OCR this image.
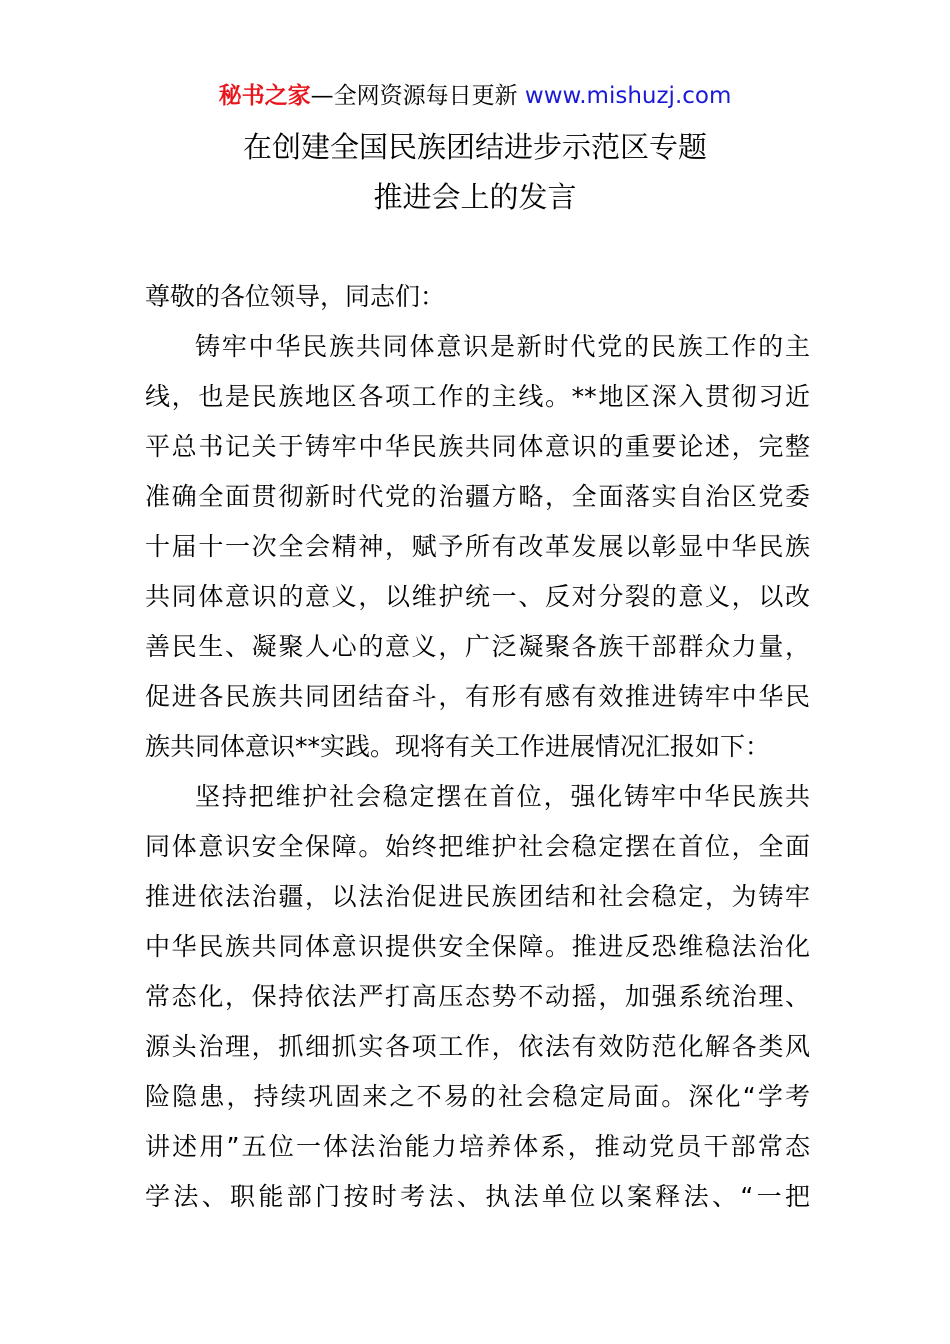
秘书之家—全网资源每日更新 www.mishuzj.com
在创建全国民族团结进步示范区专题
推进会上的发言
尊敬的各位领导，同志们：
铸牢中华民族共同体意识是新时代党的民族工作的主
线，也是民族地区各项工作的主线。**地区深入贯彻习近
平总书记关于铸牢中华民族共同体意识的重要论述，完整
准确全面贯彻新时代党的治疆方略，全面落实自治区党委
十届十一次全会精神，赋予所有改革发展以彰显中华民族
共同体意识的意义，以维护统一、反对分裂的意义，以改
善民生、凝聚人心的意义，广泛凝聚各族干部群众力量，
促进各民族共同团结奋斗，有形有感有效推进铸牢中华民
族共同体意识**实践。现将有关工作进展情况汇报如下：
坚持把维护社会稳定摆在首位，强化铸牢中华民族共
同体意识安全保障。始终把维护社会稳定摆在首位，全面
推进依法治疆，以法治促进民族团结和社会稳定，为铸牢
中华民族共同体意识提供安全保障。推进反恐维稳法治化
常态化，保持依法严打高压态势不动摇，加强系统治理、
源头治理，抓细抓实各项工作，依法有效防范化解各类风
险隐患，持续巩固来之不易的社会稳定局面。深化“学考
讲述用”五位一体法治能力培养体系，推动党员干部常态
学法、职能部门按时考法、执法单位以案释法、“一把
